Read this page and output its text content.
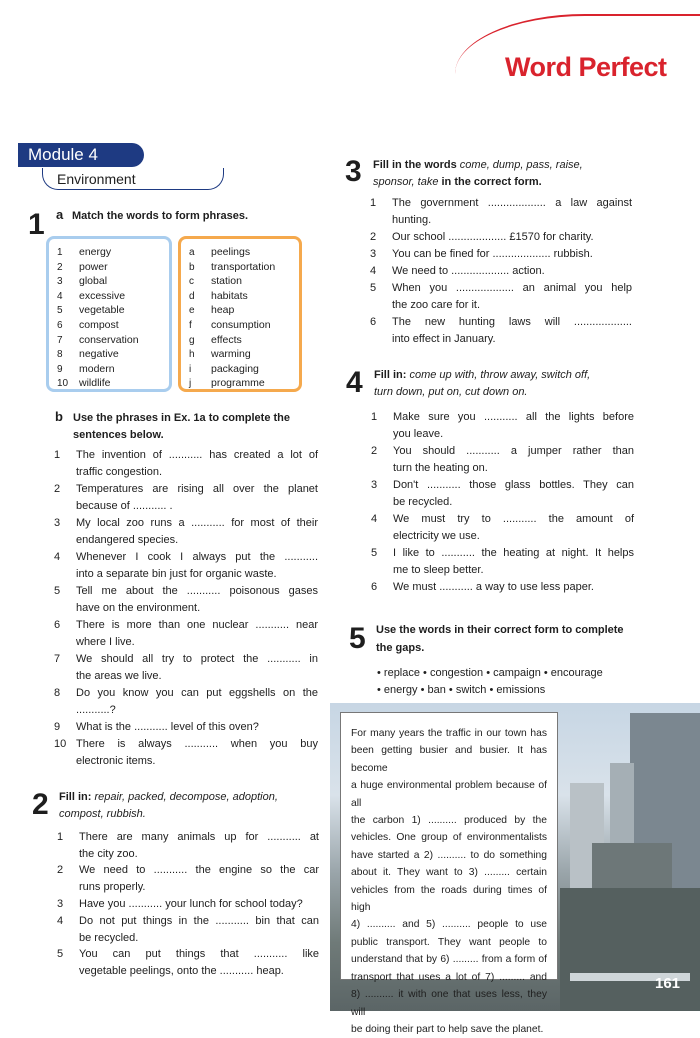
Word Perfect
Module 4
Environment
1 a Match the words to form phrases.
1 energy
2 power
3 global
4 excessive
5 vegetable
6 compost
7 conservation
8 negative
9 modern
10 wildlife
a peelings
b transportation
c station
d habitats
e heap
f consumption
g effects
h warming
i packaging
j programme
b Use the phrases in Ex. 1a to complete the
sentences below.
1 The invention of ........... has created a lot of
traffic congestion.
2 Temperatures are rising all over the planet
because of ........... .
3 My local zoo runs a ........... for most of their
endangered species.
4 Whenever I cook I always put the ...........
into a separate bin just for organic waste.
5 Tell me about the ........... poisonous gases
have on the environment.
6 There is more than one nuclear ........... near
where I live.
7 We should all try to protect the ........... in
the areas we live.
8 Do you know you can put eggshells on the
...........?
9 What is the ........... level of this oven?
10 There is always ........... when you buy
electronic items.
2 Fill in: repair, packed, decompose, adoption,
compost, rubbish.
1 There are many animals up for ........... at
the city zoo.
2 We need to ........... the engine so the car
runs properly.
3 Have you ........... your lunch for school today?
4 Do not put things in the ........... bin that can
be recycled.
5 You can put things that ........... like
vegetable peelings, onto the ........... heap.
3 Fill in the words come, dump, pass, raise,
sponsor, take in the correct form.
1 The government ................... a law against
hunting.
2 Our school ................... £1570 for charity.
3 You can be fined for ................... rubbish.
4 We need to ................... action.
5 When you ................... an animal you help
the zoo care for it.
6 The new hunting laws will ...................
into effect in January.
4 Fill in: come up with, throw away, switch off,
turn down, put on, cut down on.
1 Make sure you ........... all the lights before
you leave.
2 You should ........... a jumper rather than
turn the heating on.
3 Don't ........... those glass bottles. They can
be recycled.
4 We must try to ........... the amount of
electricity we use.
5 I like to ........... the heating at night. It helps
me to sleep better.
6 We must ........... a way to use less paper.
5 Use the words in their correct form to complete
the gaps.
• replace • congestion • campaign • encourage
• energy • ban • switch • emissions

For many years the traffic in our town has

been getting busier and busier. It has become

a huge environmental problem because of all

the carbon 1) .......... produced by the

vehicles. One group of environmentalists

have started a 2) .......... to do something

about it. They want to 3) ......... certain

vehicles from the roads during times of high

4) .......... and 5) .......... people to use

public transport. They want people to

understand that by 6) ......... from a form of

transport that uses a lot of 7) ......... and

8) .......... it with one that uses less, they will

be doing their part to help save the planet.

161
